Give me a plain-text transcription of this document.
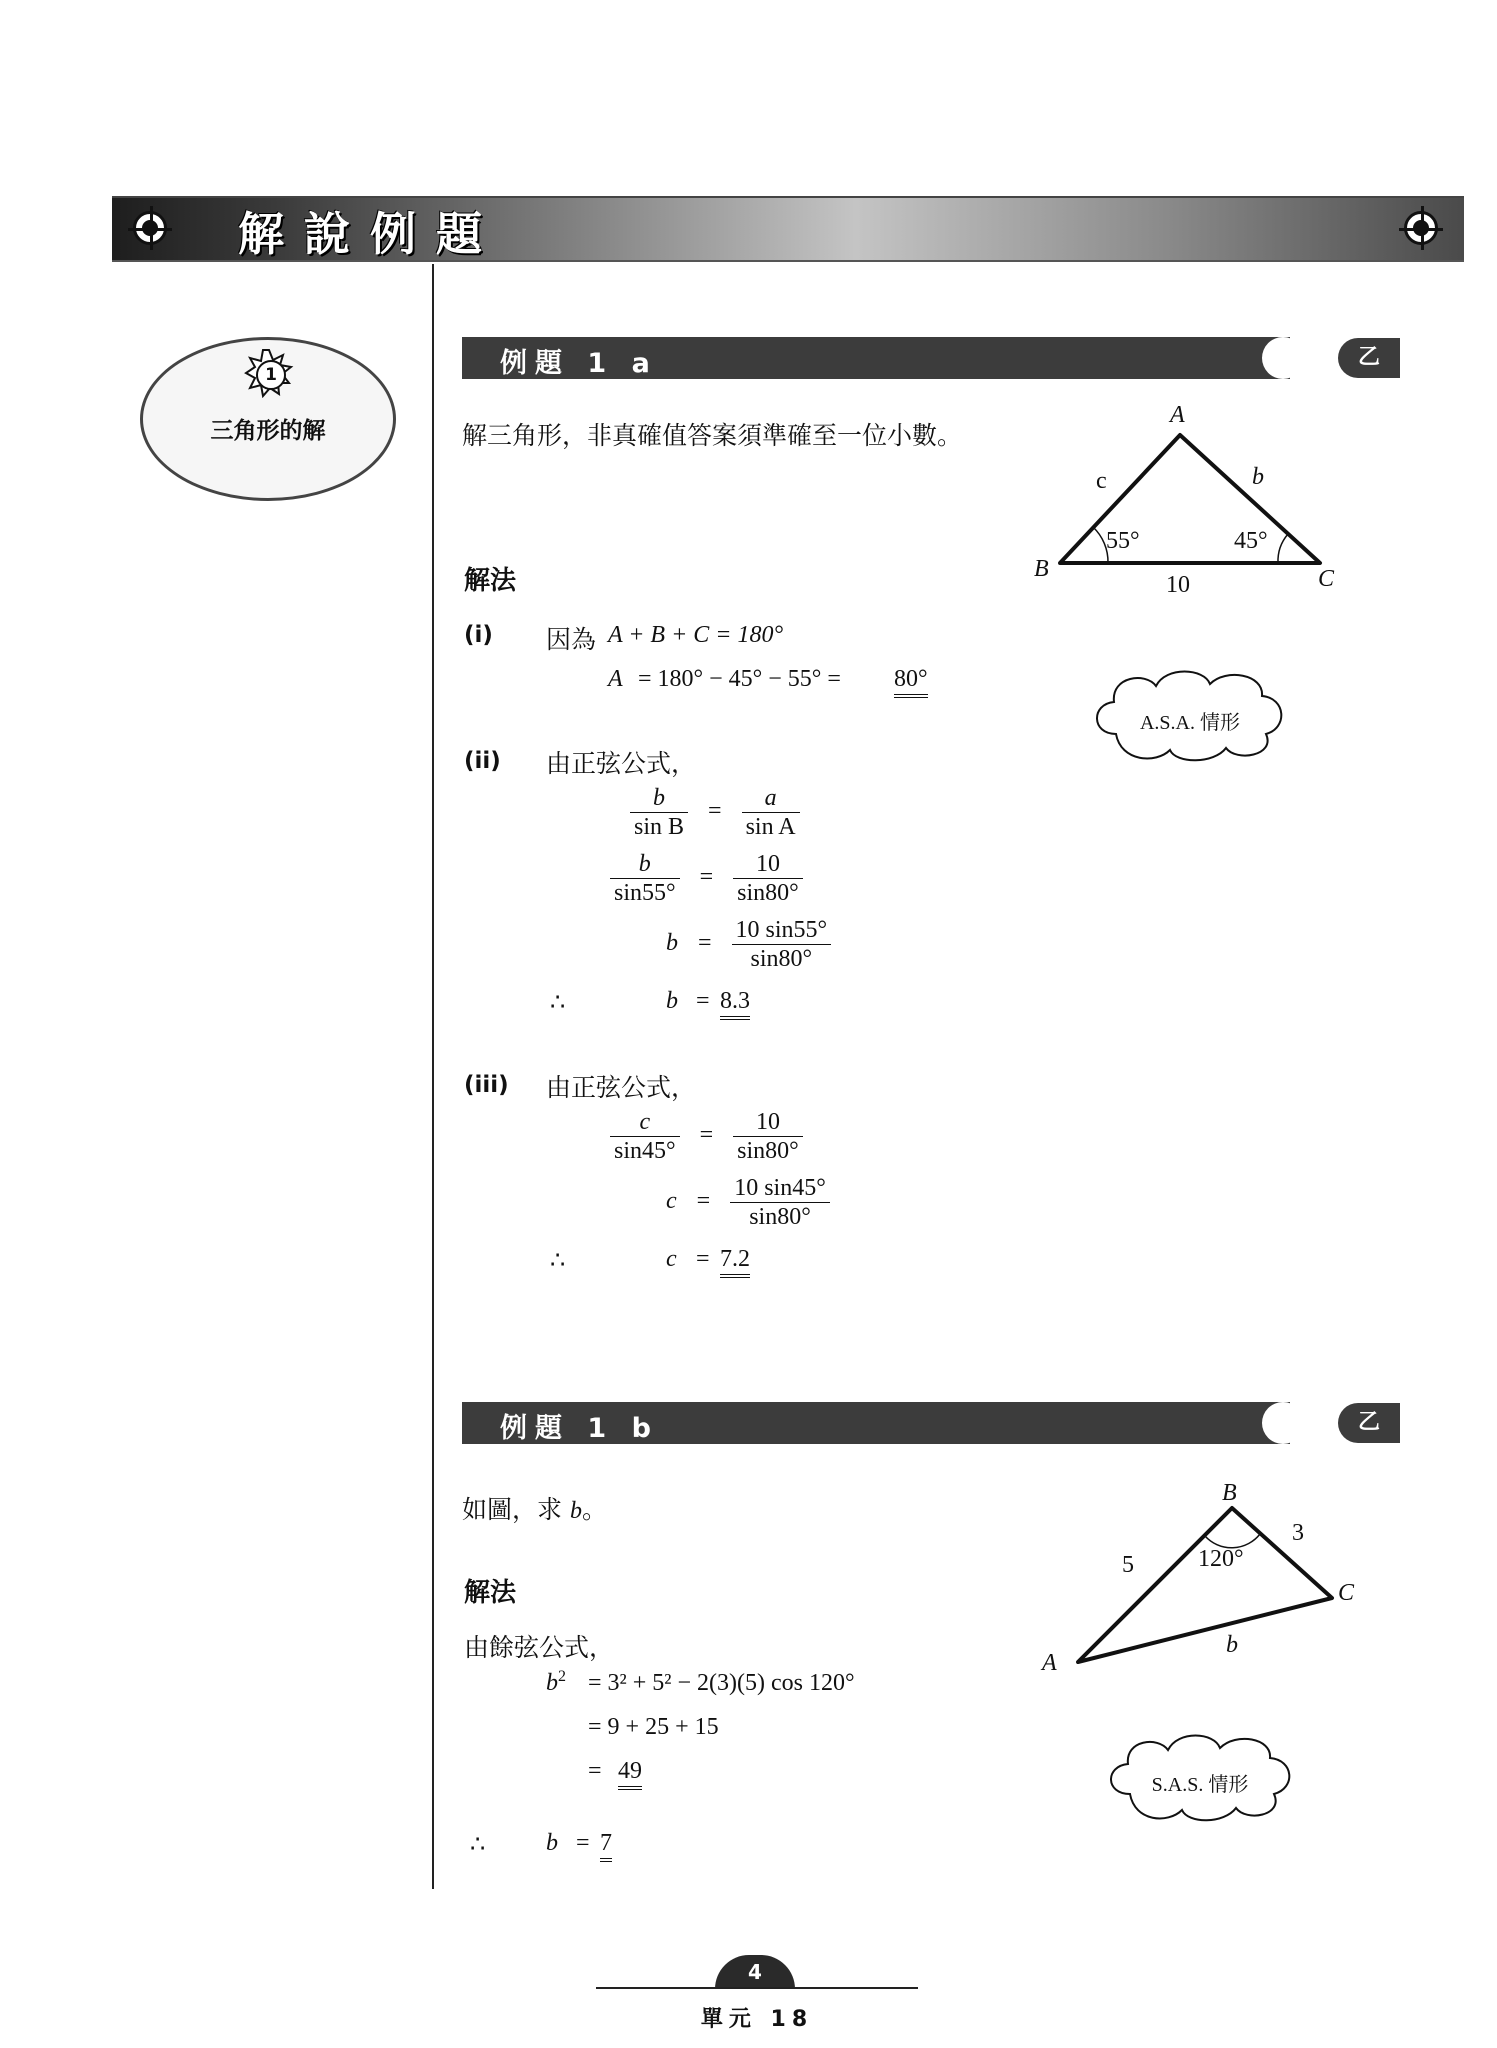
解說例題
1
三角形的解
例題 1 a	乙
解三角形，非真確值答案須準確至一位小數。
A
B	C
c	b
55°	45°
10
A.S.A. 情形
解法
(i) 因為 A + B + C = 180°
A = 180° − 45° − 55° = 80°
(ii) 由正弦公式，
$\frac{b}{\text{sin B}} = \frac{a}{\text{sin A}}$
$\frac{b}{\sin 55^\circ} = \frac{10}{\sin 80^\circ}$
$b = \frac{10 \sin 55^\circ}{\sin 80^\circ}$
∴	b = 8.3
(iii) 由正弦公式，
$\frac{c}{\sin 45^\circ} = \frac{10}{\sin 80^\circ}$
$c = \frac{10 \sin 45^\circ}{\sin 80^\circ}$
∴	c = 7.2
例題 1 b	乙
如圖，求 b。
B
A
C
5
3
120°
b
S.A.S. 情形
解法
由餘弦公式，
$b^2 = 3^2 + 5^2 - 2(3)(5)$ cos 120°
= 9 + 25 + 15
= 49
∴	b = 7
4
單元 18
